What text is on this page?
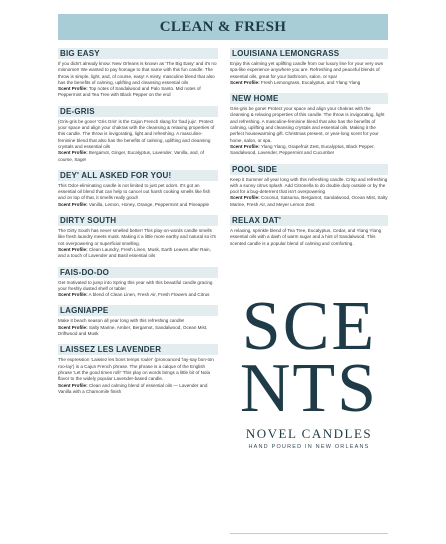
CLEAN & FRESH
BIG EASY
If you didn't already know: New Orleans is known as 'The Big Easy' and it's no misnomer! We wanted to pay homage to that name with this fun candle. The throw is simple, light, and, of course, easy! A minty, masculine blend that also has the benefits of calming, uplifting and cleansing essential oils
Scent Profile: Top notes of Sandalwood and Palo Santo. Mid notes of Peppermint and Tea Tree with Black Pepper on the end
DE-GRIS
(Gris-gris be gone! 'Gris Gris' is the Cajun French slang for 'bad juju'. Protect your space and align your chakras with the cleansing & relaxing properties of this candle. The throw is invigorating, light and refreshing. A masculine-feminine blend that also has the benefits of calming, uplifting and cleansing crystals and essential oils
Scent Profile: Bergamot, Ginger, Eucalyptus, Lavender, Vanilla, and, of course, Sage!
DEY' ALL ASKED FOR YOU!
This Odor-eliminating candle is not limited to just pet odors. It's got an essential oil blend that can help to cancel out harsh cooking smells like fish and on top of that, it smells really good!
Scent Profile: Vanilla, Lemon, Honey, Orange, Peppermint and Pineapple
DIRTY SOUTH
The Dirty South has never smelled better! This play-on-words candle smells like fresh laundry meets musk. Making it a little more earthy and natural so it's not overpowering or superficial smelling.
Scent Profile: Clean Laundry, Fresh Linen, Musk, Earth Leaves after Rain, and a touch of Lavender and Basil essential oils
FAIS-DO-DO
Get motivated to jump into Spring this year with this beautiful candle gracing your freshly dusted shelf or table!
Scent Profile: A blend of Clean Linen, Fresh Air, Fresh Flowers and Citrus
LAGNIAPPE
Make it beach season all year long with this refreshing candle!
Scent Profile: Salty Marine, Amber, Bergamot, Sandalwood, Ocean Mist, Driftwood and Musk
LAISSEZ LES LAVENDER
The expression 'Laissez les bons temps rouler' (pronounced 'lay-say bon-ton roo-lay') is a Cajun French phrase. The phrase is a calque of the English phrase 'Let the good times roll!' This play on words brings a little bit of Nola flavor to the widely popular Lavender-based candle.
Scent Profile: Clean and calming blend of essential oils — Lavender and Vanilla with a Chamomile finish
LOUISIANA LEMONGRASS
Enjoy this calming yet uplifting candle from our luxury line for your very own spa-like experience anywhere you are. Refreshing and peaceful blends of essential oils, great for your bathroom, salon, or spa!
Scent Profile: Fresh Lemongrass, Eucalyptus, and Ylang Ylang
NEW HOME
Gris-gris be gone! Protect your space and align your chakras with the cleansing & relaxing properties of this candle. The throw is invigorating, light and refreshing. A masculine-feminine blend that also has the benefits of calming, uplifting and cleansing crystals and essential oils. Making it the perfect housewarming gift. Christmas present, or year-long scent for your home, salon, or spa.
Scent Profile: Ylang Ylang, Grapefruit Zest, Eucalyptus, Black Pepper, Sandalwood, Lavender, Peppermint and Cucumber
POOL SIDE
Keep it Summer all year long with this refreshing candle. Crisp and refreshing with a sunny citrus splash. Add Citronella to do double duty outside or by the pool for a bug-deterrent that isn't overpowering
Scent Profile: Coconut, Satsuma, Bergamot, Sandalwood, Ocean Mist, Salty Marine, Fresh Air, and Meyer Lemon Zest
RELAX DAT'
A relaxing, sprinkle blend of Tea Tree, Eucalyptus, Cedar, and Ylang Ylang essential oils with a dash of warm sugar and a hint of Sandalwood. This scented candle is a popular blend of calming and comforting.
SCE
NTS
NOVEL CANDLES
HAND POURED IN NEW ORLEANS
